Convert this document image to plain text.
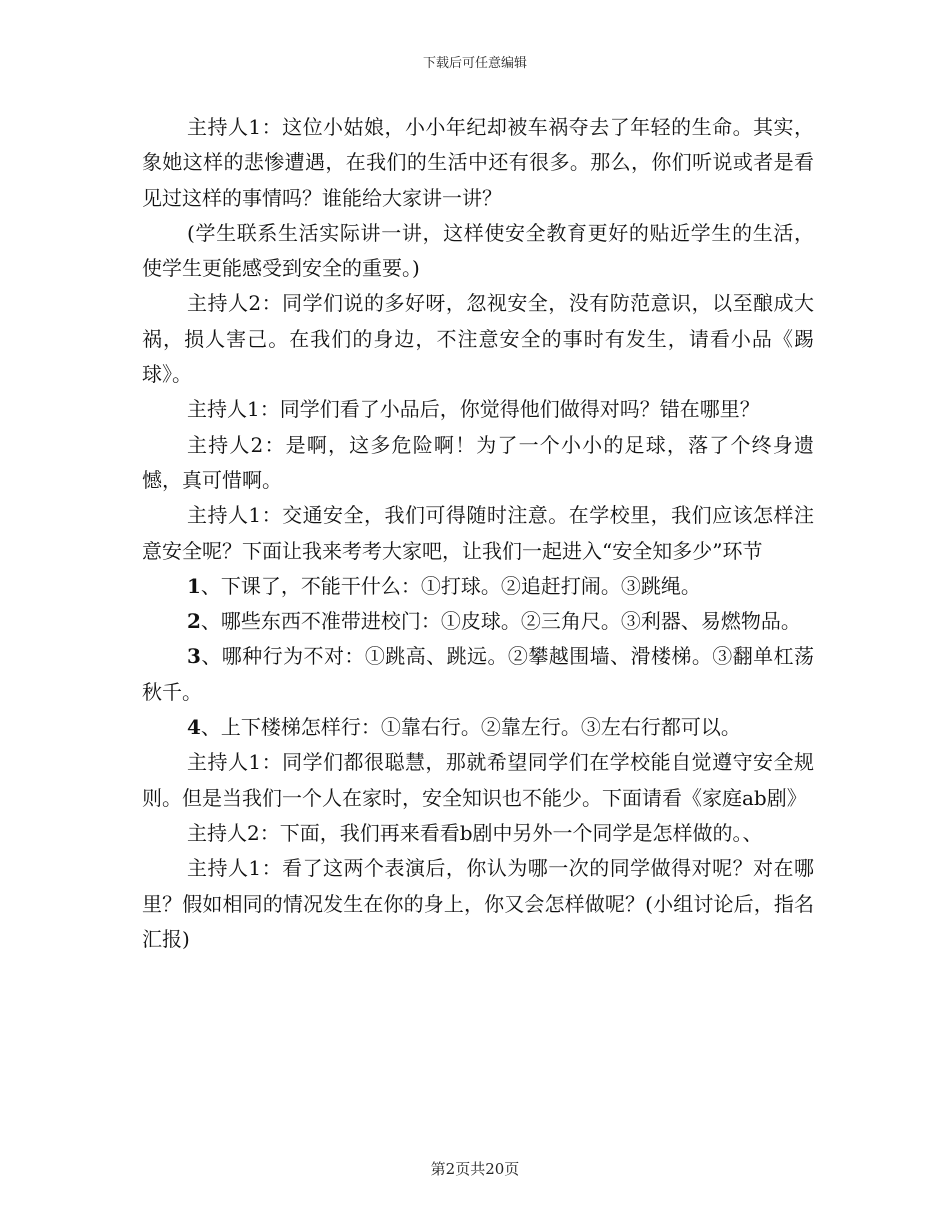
下载后可任意编辑

主持人1：这位小姑娘，小小年纪却被车祸夺去了年轻的生命。其实，象她这样的悲惨遭遇，在我们的生活中还有很多。那么，你们听说或者是看见过这样的事情吗？谁能给大家讲一讲？

(学生联系生活实际讲一讲，这样使安全教育更好的贴近学生的生活，使学生更能感受到安全的重要。)

主持人2：同学们说的多好呀，忽视安全，没有防范意识，以至酿成大祸，损人害己。在我们的身边，不注意安全的事时有发生，请看小品《踢球》。

主持人1：同学们看了小品后，你觉得他们做得对吗？错在哪里？

主持人2：是啊，这多危险啊！为了一个小小的足球，落了个终身遗憾，真可惜啊。

主持人1：交通安全，我们可得随时注意。在学校里，我们应该怎样注意安全呢？下面让我来考考大家吧，让我们一起进入“安全知多少”环节

1、下课了，不能干什么：①打球。②追赶打闹。③跳绳。

2、哪些东西不准带进校门：①皮球。②三角尺。③利器、易燃物品。

3、哪种行为不对：①跳高、跳远。②攀越围墙、滑楼梯。③翻单杠荡秋千。

4、上下楼梯怎样行：①靠右行。②靠左行。③左右行都可以。

主持人1：同学们都很聪慧，那就希望同学们在学校能自觉遵守安全规则。但是当我们一个人在家时，安全知识也不能少。下面请看《家庭ab剧》

主持人2：下面，我们再来看看b剧中另外一个同学是怎样做的。、

主持人1：看了这两个表演后，你认为哪一次的同学做得对呢？对在哪里？假如相同的情况发生在你的身上，你又会怎样做呢？(小组讨论后，指名汇报)

第2页共20页
